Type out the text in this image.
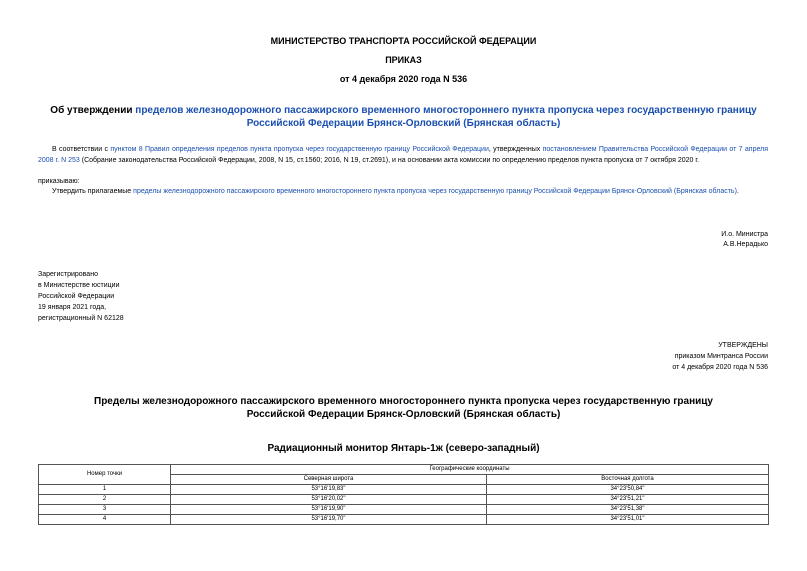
МИНИСТЕРСТВО ТРАНСПОРТА РОССИЙСКОЙ ФЕДЕРАЦИИ
ПРИКАЗ
от 4 декабря 2020 года N 536
Об утверждении пределов железнодорожного пассажирского временного многостороннего пункта пропуска через государственную границу Российской Федерации Брянск-Орловский (Брянская область)
В соответствии с пунктом 8 Правил определения пределов пункта пропуска через государственную границу Российской Федерации, утвержденных постановлением Правительства Российской Федерации от 7 апреля 2008 г. N 253 (Собрание законодательства Российской Федерации, 2008, N 15, ст.1560; 2016, N 19, ст.2691), и на основании акта комиссии по определению пределов пункта пропуска от 7 октября 2020 г.
приказываю:
Утвердить прилагаемые пределы железнодорожного пассажирского временного многостороннего пункта пропуска через государственную границу Российской Федерации Брянск-Орловский (Брянская область).
И.о. Министра
А.В.Нерадько
Зарегистрировано
в Министерстве юстиции
Российской Федерации
19 января 2021 года,
регистрационный N 62128
УТВЕРЖДЕНЫ
приказом Минтранса России
от 4 декабря 2020 года N 536
Пределы железнодорожного пассажирского временного многостороннего пункта пропуска через государственную границу Российской Федерации Брянск-Орловский (Брянская область)
Радиационный монитор Янтарь-1ж (северо-западный)
Номер точки	Географические координаты	
	Северная широта	Восточная долгота
1	53°16'19,83"	34°23'50,84"
2	53°16'20,02"	34°23'51,21"
3	53°16'19,90"	34°23'51,38"
4	53°16'19,70"	34°23'51,01"
